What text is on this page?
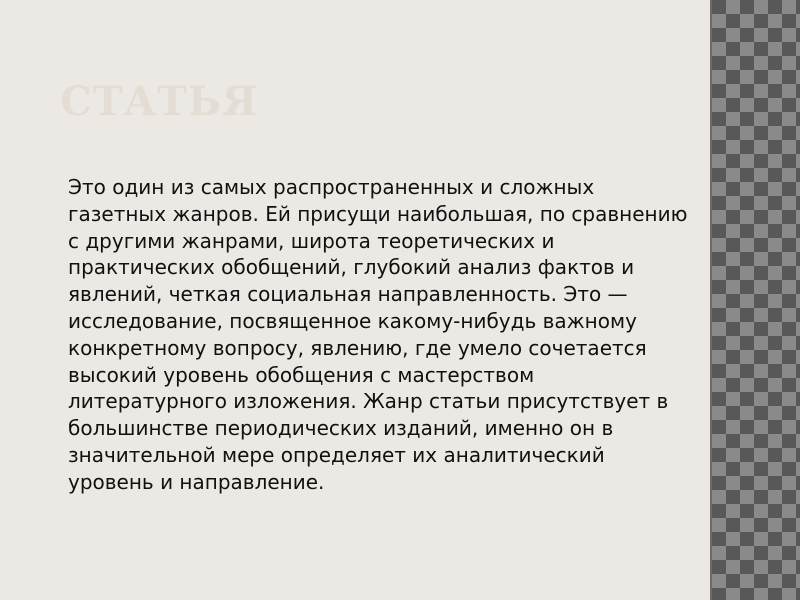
СТАТЬЯ

Это один из самых распространенных и сложных газетных жанров. Ей присущи наибольшая, по сравнению с другими жанрами, широта теоретических и практических обобщений, глубокий анализ фактов и явлений, четкая социальная направленность. Это — исследование, посвященное какому-нибудь важному конкретному вопросу, явлению, где умело сочетается высокий уровень обобщения с мастерством литературного изложения. Жанр статьи присутствует в большинстве периодических изданий, именно он в значительной мере определяет их аналитический уровень и направление.
